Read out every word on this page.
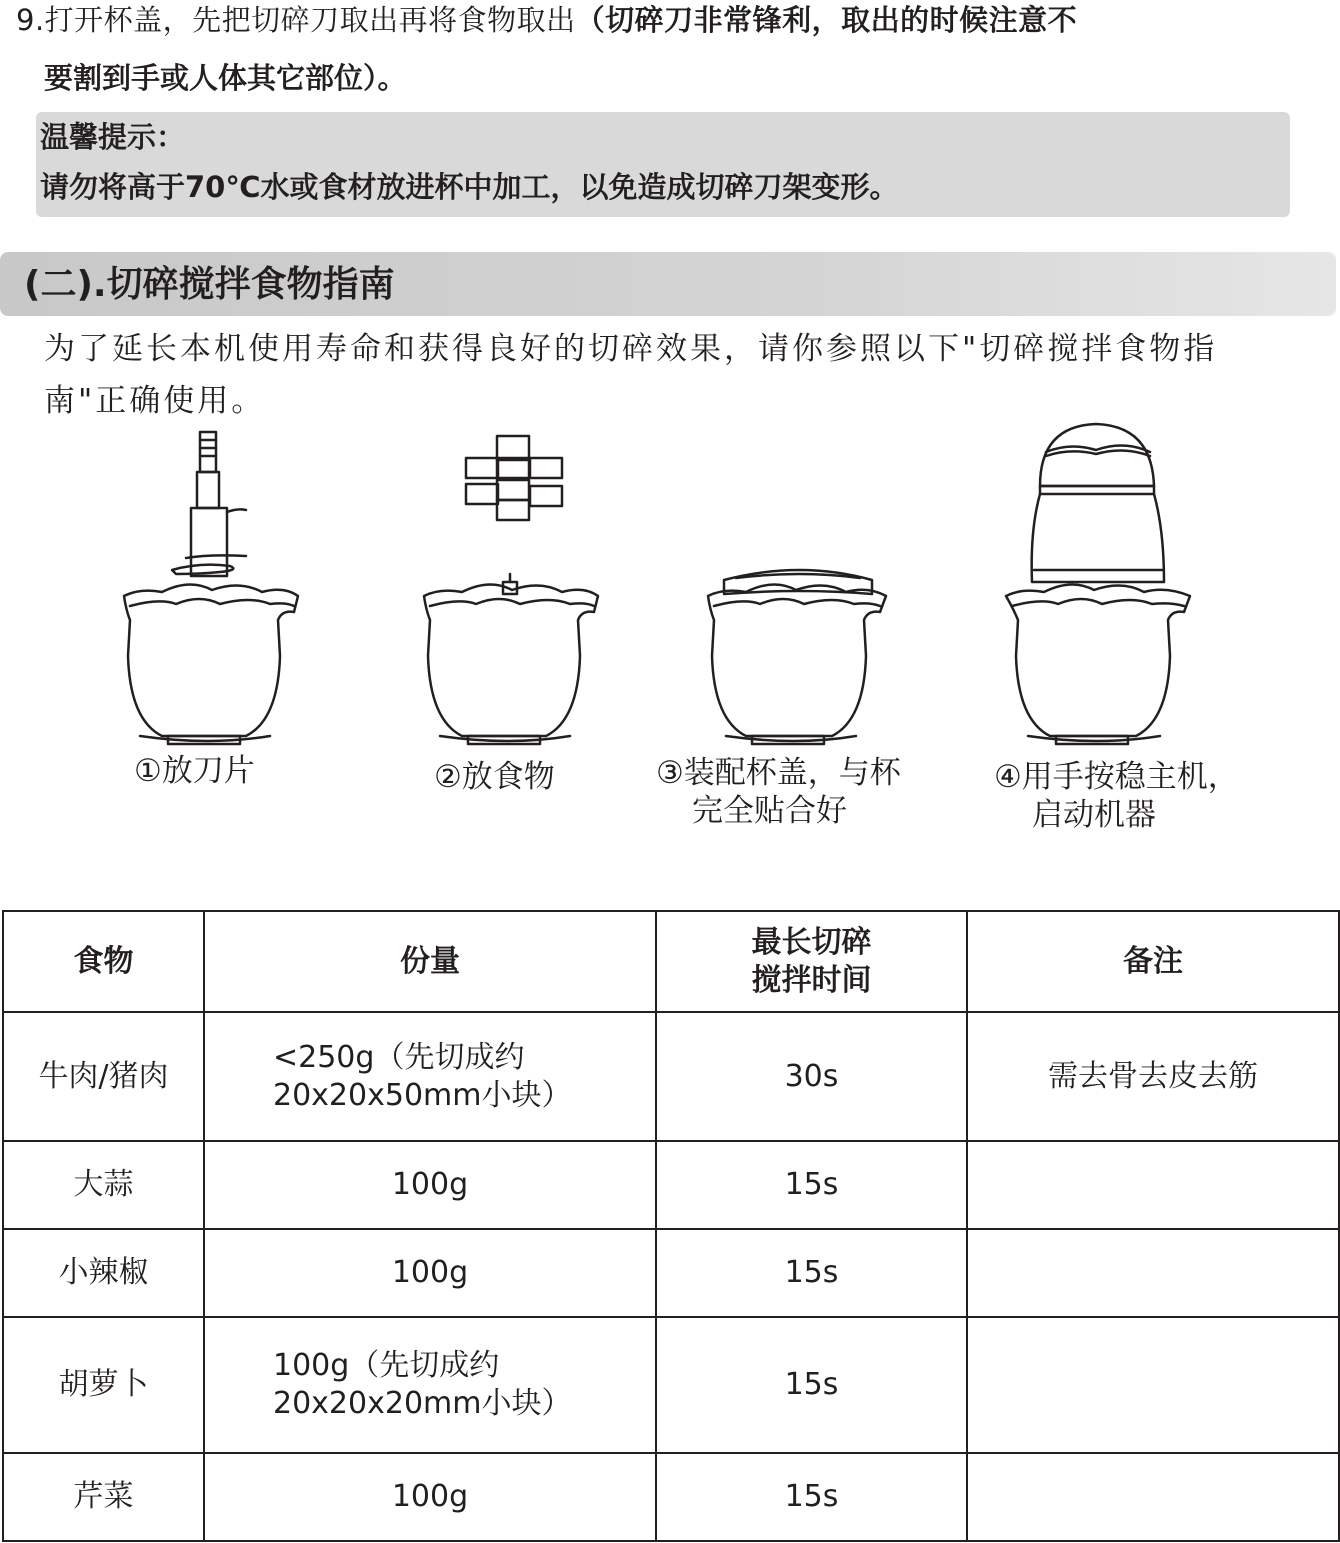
9.打开杯盖，先把切碎刀取出再将食物取出（切碎刀非常锋利，取出的时候注意不
要割到手或人体其它部位）。
温馨提示：
请勿将高于70℃水或食材放进杯中加工，以免造成切碎刀架变形。
(二).切碎搅拌食物指南
为了延长本机使用寿命和获得良好的切碎效果，请你参照以下"切碎搅拌食物指
南"正确使用。
①放刀片	②放食物	③装配杯盖，与杯
完全贴合好
④用手按稳主机，
启动机器
食物	份量	最长切碎
搅拌时间	备注
牛肉/猪肉	<250g（先切成约
20x20x50mm小块）	30s	需去骨去皮去筋
大蒜	100g	15s	
小辣椒	100g	15s	
胡萝卜	100g（先切成约
20x20x20mm小块）	15s	
芹菜	100g	15s	
